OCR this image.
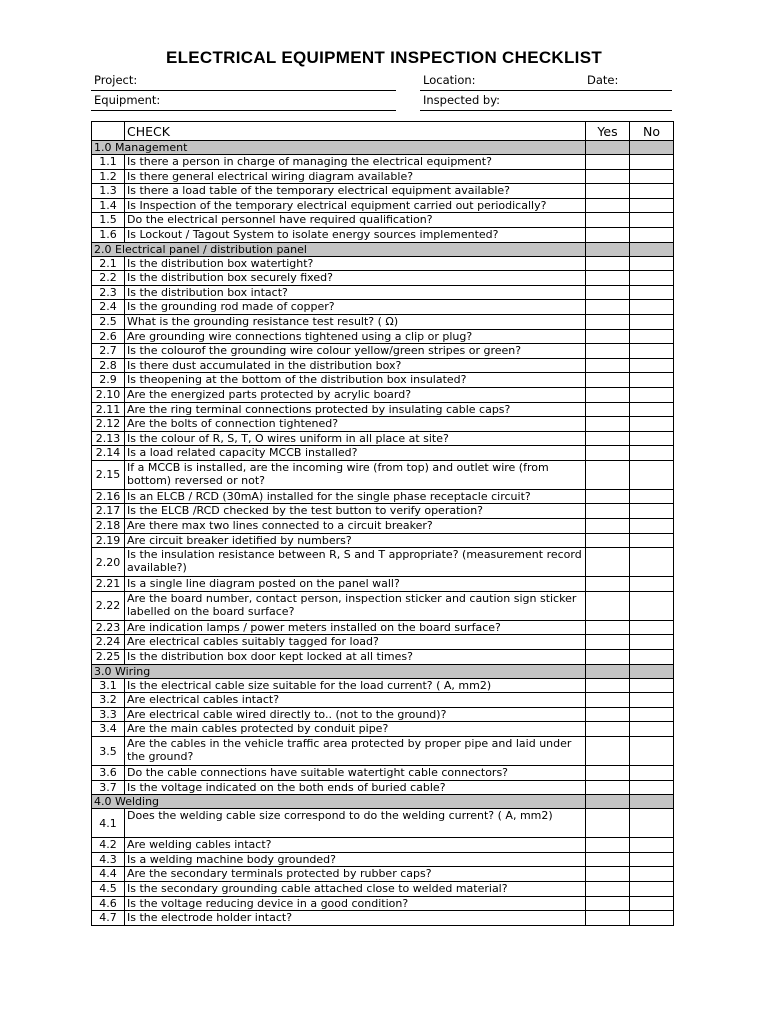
ELECTRICAL EQUIPMENT INSPECTION CHECKLIST
Project:	Location:	Date:
Equipment:	Inspected by:
	CHECK	Yes	No
1.0 Management			
1.1	Is there a person in charge of managing the electrical equipment?		
1.2	Is there general electrical wiring diagram available?		
1.3	Is there a load table of the temporary electrical equipment available?		
1.4	Is Inspection of the temporary electrical equipment carried out periodically?		
1.5	Do the electrical personnel have required qualification?		
1.6	Is Lockout / Tagout System to isolate energy sources implemented?		
2.0 Electrical panel / distribution panel			
2.1	Is the distribution box watertight?		
2.2	Is the distribution box securely fixed?		
2.3	Is the distribution box intact?		
2.4	Is the grounding rod made of copper?		
2.5	What is the grounding resistance test result? ( Ω)		
2.6	Are grounding wire connections tightened using a clip or plug?		
2.7	Is the colourof the grounding wire colour yellow/green stripes or green?		
2.8	Is there dust accumulated in the distribution box?		
2.9	Is theopening at the bottom of the distribution box insulated?		
2.10	Are the energized parts protected by acrylic board?		
2.11	Are the ring terminal connections protected by insulating cable caps?		
2.12	Are the bolts of connection tightened?		
2.13	Is the colour of R, S, T, O wires uniform in all place at site?		
2.14	Is a load related capacity MCCB installed?		
2.15	If a MCCB is installed, are the incoming wire (from top) and outlet wire (from bottom) reversed or not?		
2.16	Is an ELCB / RCD (30mA) installed for the single phase receptacle circuit?		
2.17	Is the ELCB /RCD checked by the test button to verify operation?		
2.18	Are there max two lines connected to a circuit breaker?		
2.19	Are circuit breaker idetified by numbers?		
2.20	Is the insulation resistance between R, S and T appropriate? (measurement record available?)		
2.21	Is a single line diagram posted on the panel wall?		
2.22	Are the board number, contact person, inspection sticker and caution sign sticker labelled on the board surface?		
2.23	Are indication lamps / power meters installed on the board surface?		
2.24	Are electrical cables suitably tagged for load?		
2.25	Is the distribution box door kept locked at all times?		
3.0 Wiring			
3.1	Is the electrical cable size suitable for the load current? ( A, mm2)		
3.2	Are electrical cables intact?		
3.3	Are electrical cable wired directly to.. (not to the ground)?		
3.4	Are the main cables protected by conduit pipe?		
3.5	Are the cables in the vehicle traffic area protected by proper pipe and laid under the ground?		
3.6	Do the cable connections have suitable watertight cable connectors?		
3.7	Is the voltage indicated on the both ends of buried cable?		
4.0 Welding			
4.1	Does the welding cable size correspond to do the welding current? ( A, mm2)		
4.2	Are welding cables intact?		
4.3	Is a welding machine body grounded?		
4.4	Are the secondary terminals protected by rubber caps?		
4.5	Is the secondary grounding cable attached close to welded material?		
4.6	Is the voltage reducing device in a good condition?		
4.7	Is the electrode holder intact?		
